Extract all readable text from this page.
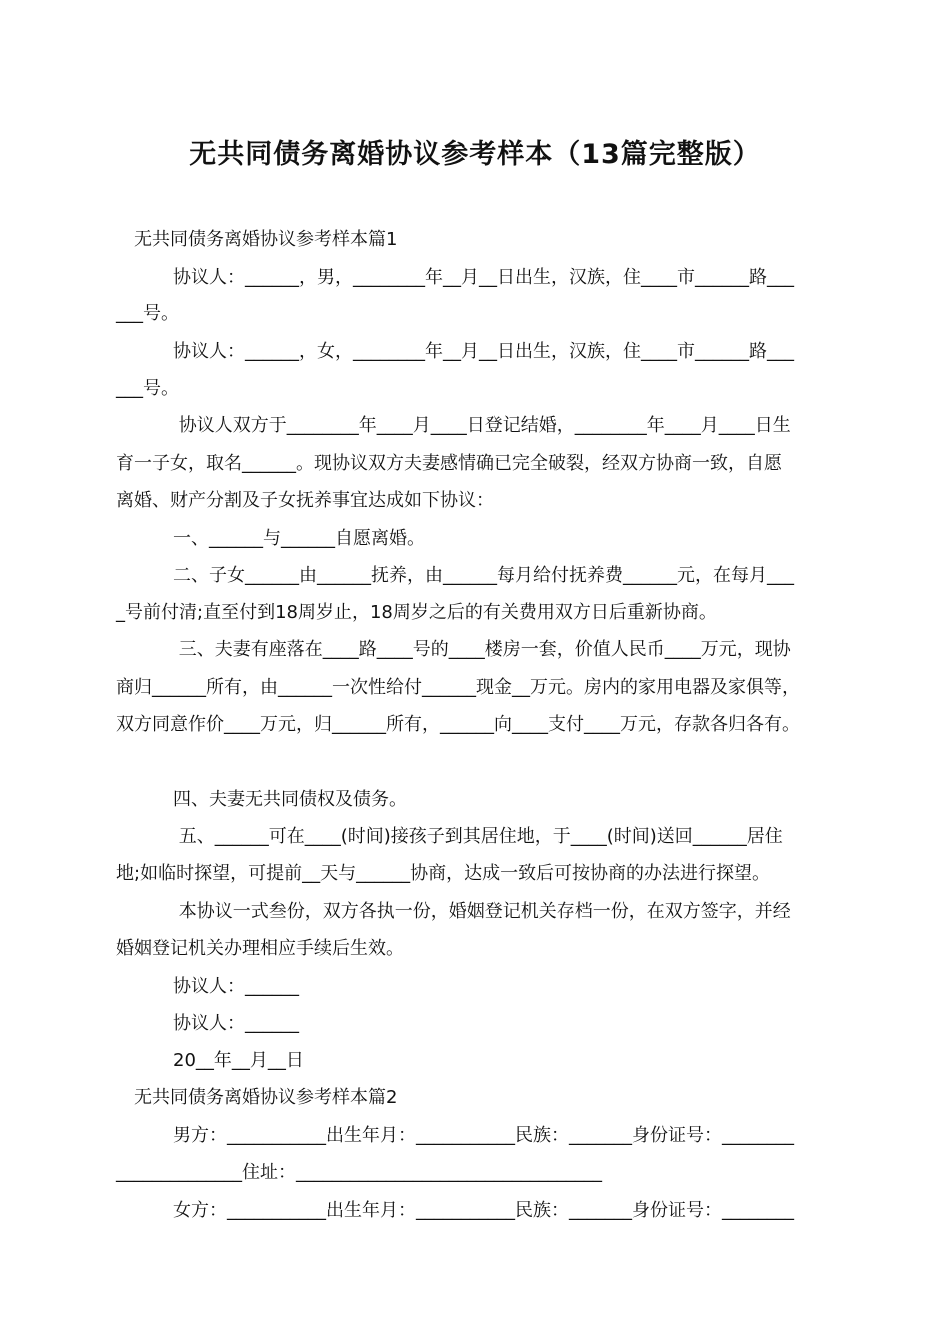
无共同债务离婚协议参考样本（13篇完整版）
无共同债务离婚协议参考样本篇1
协议人：______，男，________年__月__日出生，汉族，住____市______路___
___号。
协议人：______，女，________年__月__日出生，汉族，住____市______路___
___号。
协议人双方于________年____月____日登记结婚，________年____月____日生
育一子女，取名______。现协议双方夫妻感情确已完全破裂，经双方协商一致，自愿
离婚、财产分割及子女抚养事宜达成如下协议：
一、______与______自愿离婚。
二、子女______由______抚养，由______每月给付抚养费______元，在每月___
_号前付清;直至付到18周岁止，18周岁之后的有关费用双方日后重新协商。
三、夫妻有座落在____路____号的____楼房一套，价值人民币____万元，现协
商归______所有，由______一次性给付______现金__万元。房内的家用电器及家俱等，
双方同意作价____万元，归______所有，______向____支付____万元，存款各归各有。
四、夫妻无共同债权及债务。
五、______可在____(时间)接孩子到其居住地，于____(时间)送回______居住
地;如临时探望，可提前__天与______协商，达成一致后可按协商的办法进行探望。
本协议一式叁份，双方各执一份，婚姻登记机关存档一份，在双方签字，并经
婚姻登记机关办理相应手续后生效。
协议人：______
协议人：______
20__年__月__日
无共同债务离婚协议参考样本篇2
男方：___________出生年月：___________民族：_______身份证号：________
______________住址：__________________________________
女方：___________出生年月：___________民族：_______身份证号：________
